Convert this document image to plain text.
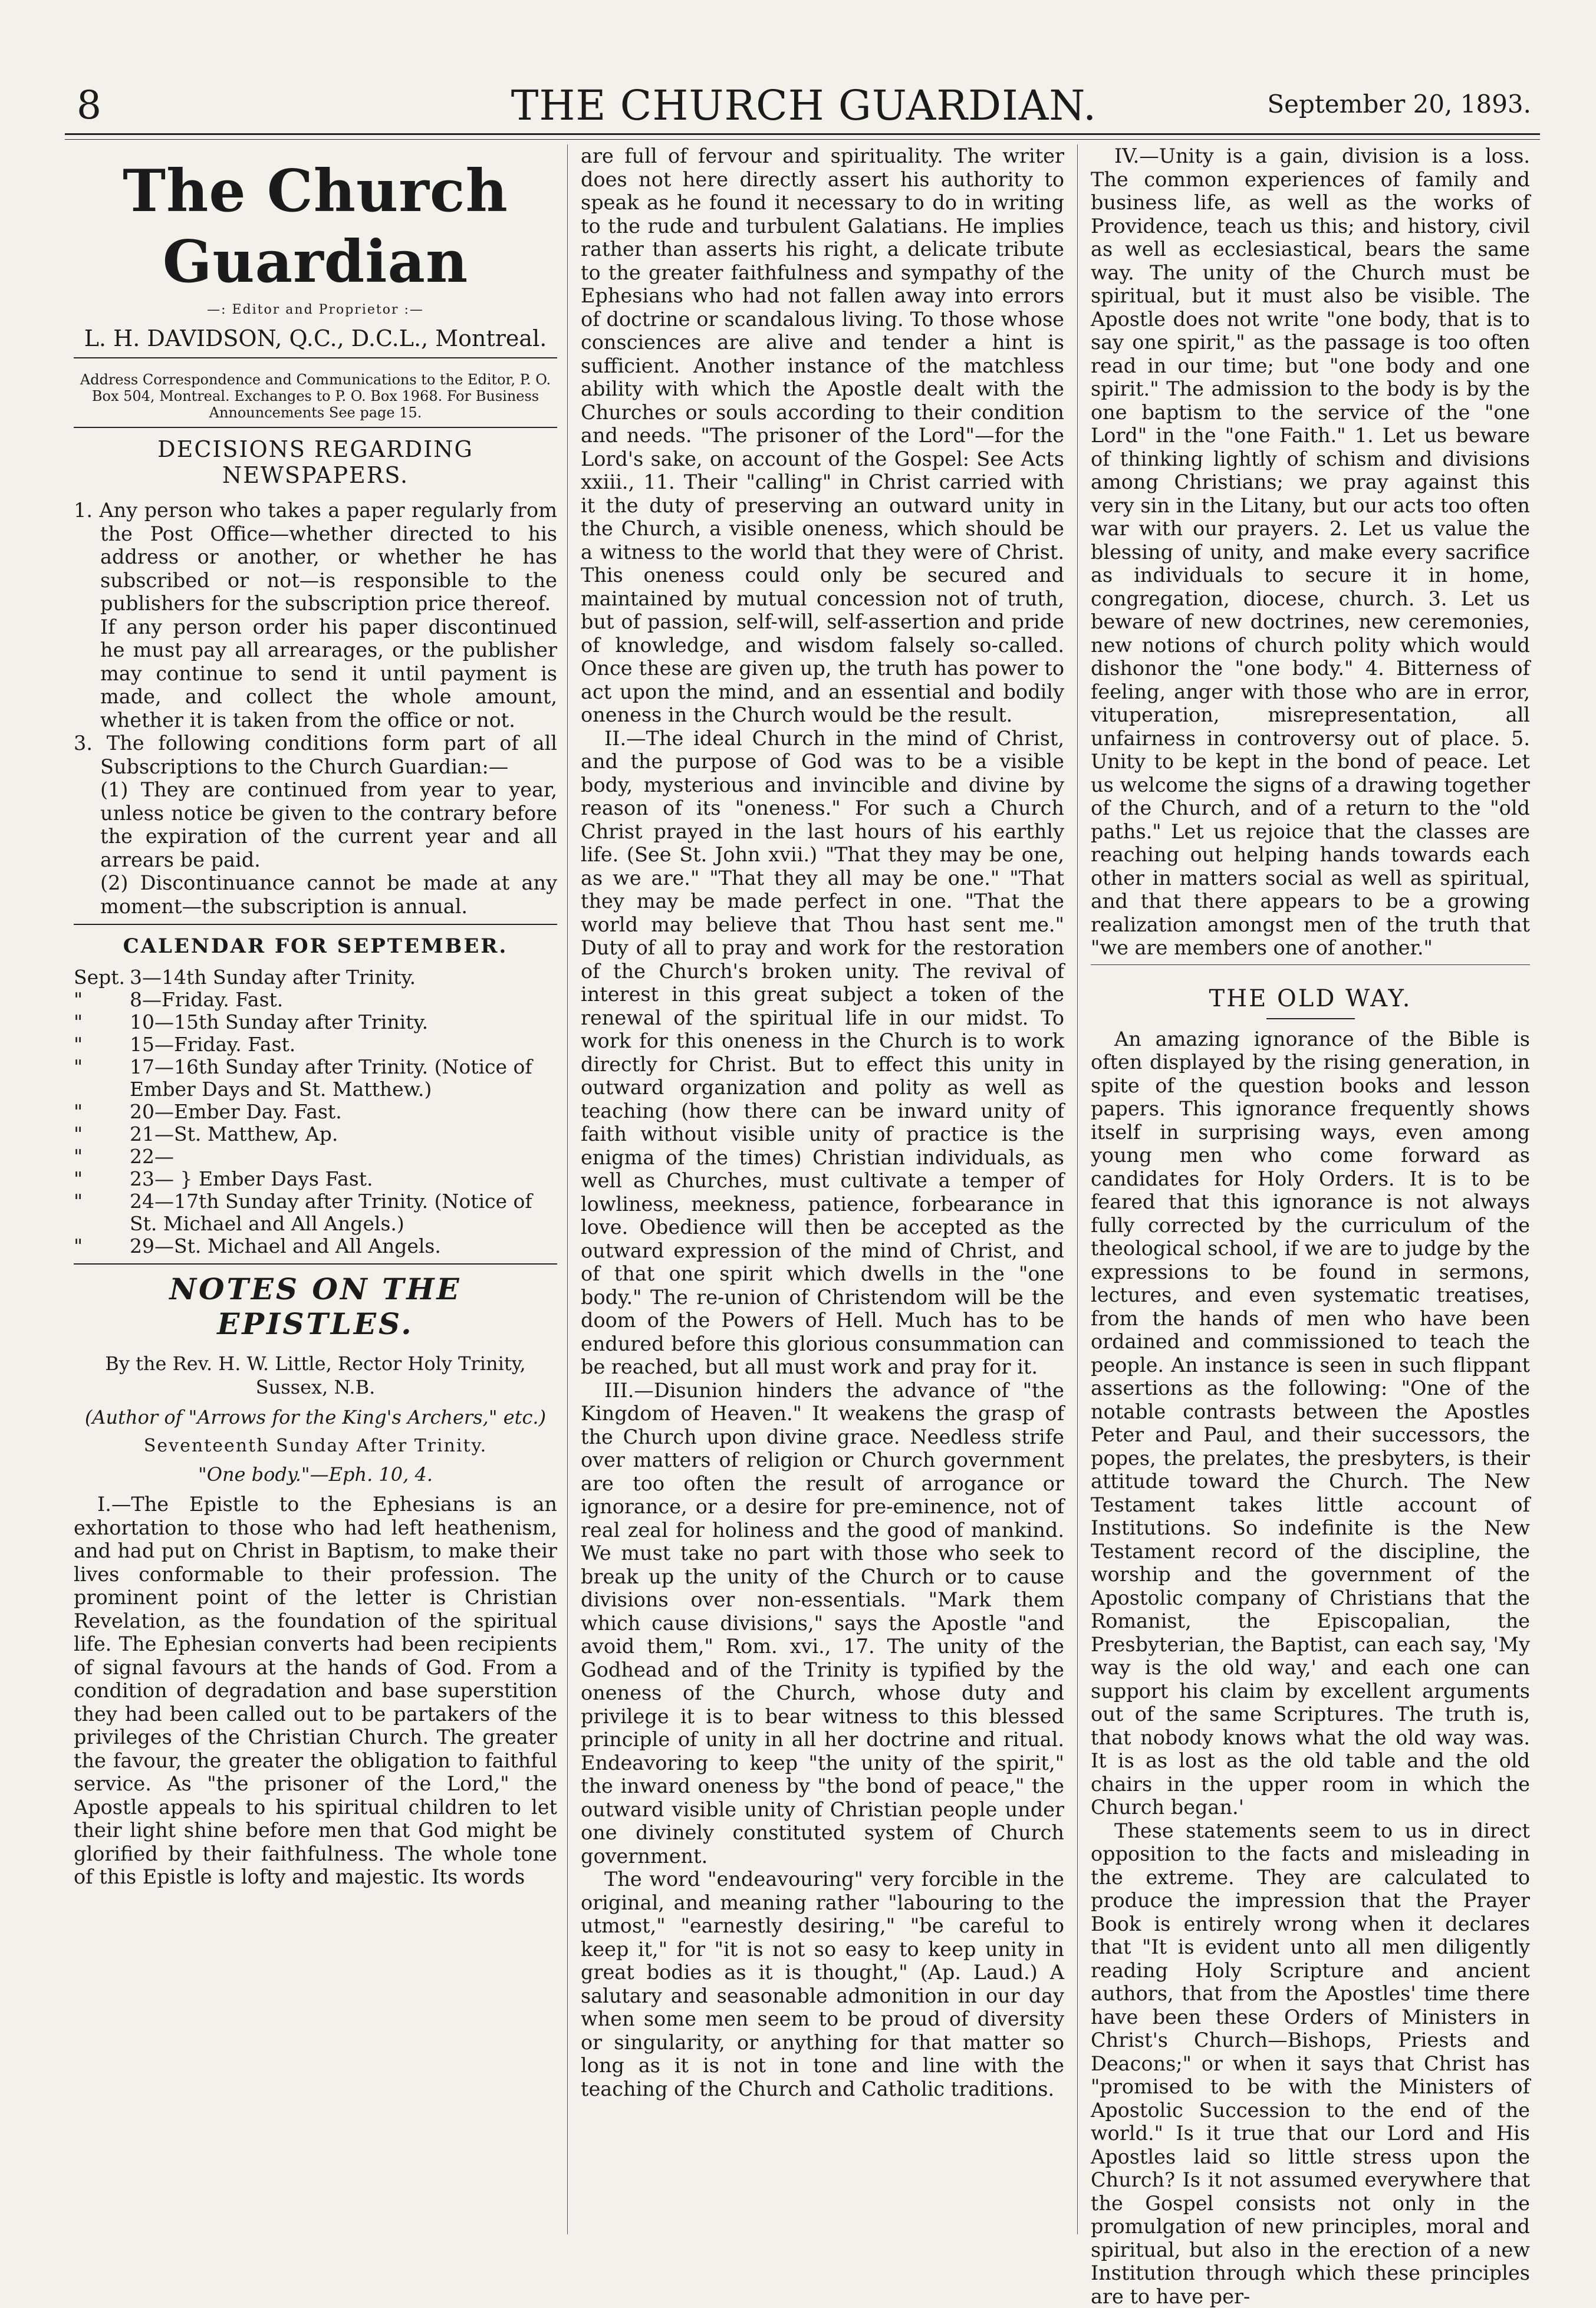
8	THE CHURCH GUARDIAN.	September 20, 1893.
The Church Guardian
—: Editor and Proprietor :—
L. H. DAVIDSON, Q.C., D.C.L., Montreal.
Address Correspondence and Communications to the Editor, P. O. Box 504, Montreal. Exchanges to P. O. Box 1968. For Business Announcements See page 15.
DECISIONS REGARDING NEWSPAPERS.

1. Any person who takes a paper regularly from the Post Office—whether directed to his address or another, or whether he has subscribed or not—is responsible to the publishers for the subscription price thereof.

If any person order his paper discontinued he must pay all arrearages, or the publisher may continue to send it until payment is made, and collect the whole amount, whether it is taken from the office or not.

3. The following conditions form part of all Subscriptions to the Church Guardian:—

(1) They are continued from year to year, unless notice be given to the contrary before the expiration of the current year and all arrears be paid.

(2) Discontinuance cannot be made at any moment—the subscription is annual.

CALENDAR FOR SEPTEMBER.
Sept. 3—14th Sunday after Trinity.
"	8—Friday. Fast.
"	10—15th Sunday after Trinity.
"	15—Friday. Fast.
"	17—16th Sunday after Trinity. (Notice of Ember Days and St. Matthew.)
"	20—Ember Day. Fast.
"	21—St. Matthew, Ap.
"	22—
"	23— } Ember Days Fast.
"	24—17th Sunday after Trinity. (Notice of St. Michael and All Angels.)
"	29—St. Michael and All Angels.
NOTES ON THE EPISTLES.
By the Rev. H. W. Little, Rector Holy Trinity, Sussex, N.B.
(Author of "Arrows for the King's Archers," etc.)
Seventeenth Sunday After Trinity.
"One body."—Eph. 10, 4.

I.—The Epistle to the Ephesians is an exhortation to those who had left heathenism, and had put on Christ in Baptism, to make their lives conformable to their profession. The prominent point of the letter is Christian Revelation, as the foundation of the spiritual life. The Ephesian converts had been recipients of signal favours at the hands of God. From a condition of degradation and base superstition they had been called out to be partakers of the privileges of the Christian Church. The greater the favour, the greater the obligation to faithful service. As "the prisoner of the Lord," the Apostle appeals to his spiritual children to let their light shine before men that God might be glorified by their faithfulness. The whole tone of this Epistle is lofty and majestic. Its words

are full of fervour and spirituality. The writer does not here directly assert his authority to speak as he found it necessary to do in writing to the rude and turbulent Galatians. He implies rather than asserts his right, a delicate tribute to the greater faithfulness and sympathy of the Ephesians who had not fallen away into errors of doctrine or scandalous living. To those whose consciences are alive and tender a hint is sufficient. Another instance of the matchless ability with which the Apostle dealt with the Churches or souls according to their condition and needs. "The prisoner of the Lord"—for the Lord's sake, on account of the Gospel: See Acts xxiii., 11. Their "calling" in Christ carried with it the duty of preserving an outward unity in the Church, a visible oneness, which should be a witness to the world that they were of Christ. This oneness could only be secured and maintained by mutual concession not of truth, but of passion, self-will, self-assertion and pride of knowledge, and wisdom falsely so-called. Once these are given up, the truth has power to act upon the mind, and an essential and bodily oneness in the Church would be the result.

II.—The ideal Church in the mind of Christ, and the purpose of God was to be a visible body, mysterious and invincible and divine by reason of its "oneness." For such a Church Christ prayed in the last hours of his earthly life. (See St. John xvii.) "That they may be one, as we are." "That they all may be one." "That they may be made perfect in one. "That the world may believe that Thou hast sent me." Duty of all to pray and work for the restoration of the Church's broken unity. The revival of interest in this great subject a token of the renewal of the spiritual life in our midst. To work for this oneness in the Church is to work directly for Christ. But to effect this unity in outward organization and polity as well as teaching (how there can be inward unity of faith without visible unity of practice is the enigma of the times) Christian individuals, as well as Churches, must cultivate a temper of lowliness, meekness, patience, forbearance in love. Obedience will then be accepted as the outward expression of the mind of Christ, and of that one spirit which dwells in the "one body." The re-union of Christendom will be the doom of the Powers of Hell. Much has to be endured before this glorious consummation can be reached, but all must work and pray for it.

III.—Disunion hinders the advance of "the Kingdom of Heaven." It weakens the grasp of the Church upon divine grace. Needless strife over matters of religion or Church government are too often the result of arrogance or ignorance, or a desire for pre-eminence, not of real zeal for holiness and the good of mankind. We must take no part with those who seek to break up the unity of the Church or to cause divisions over non-essentials. "Mark them which cause divisions," says the Apostle "and avoid them," Rom. xvi., 17. The unity of the Godhead and of the Trinity is typified by the oneness of the Church, whose duty and privilege it is to bear witness to this blessed principle of unity in all her doctrine and ritual. Endeavoring to keep "the unity of the spirit," the inward oneness by "the bond of peace," the outward visible unity of Christian people under one divinely constituted system of Church government.

The word "endeavouring" very forcible in the original, and meaning rather "labouring to the utmost," "earnestly desiring," "be careful to keep it," for "it is not so easy to keep unity in great bodies as it is thought," (Ap. Laud.) A salutary and seasonable admonition in our day when some men seem to be proud of diversity or singularity, or anything for that matter so long as it is not in tone and line with the teaching of the Church and Catholic traditions.

IV.—Unity is a gain, division is a loss. The common experiences of family and business life, as well as the works of Providence, teach us this; and history, civil as well as ecclesiastical, bears the same way. The unity of the Church must be spiritual, but it must also be visible. The Apostle does not write "one body, that is to say one spirit," as the passage is too often read in our time; but "one body and one spirit." The admission to the body is by the one baptism to the service of the "one Lord" in the "one Faith." 1. Let us beware of thinking lightly of schism and divisions among Christians; we pray against this very sin in the Litany, but our acts too often war with our prayers. 2. Let us value the blessing of unity, and make every sacrifice as individuals to secure it in home, congregation, diocese, church. 3. Let us beware of new doctrines, new ceremonies, new notions of church polity which would dishonor the "one body." 4. Bitterness of feeling, anger with those who are in error, vituperation, misrepresentation, all unfairness in controversy out of place. 5. Unity to be kept in the bond of peace. Let us welcome the signs of a drawing together of the Church, and of a return to the "old paths." Let us rejoice that the classes are reaching out helping hands towards each other in matters social as well as spiritual, and that there appears to be a growing realization amongst men of the truth that "we are members one of another."

THE OLD WAY.

An amazing ignorance of the Bible is often displayed by the rising generation, in spite of the question books and lesson papers. This ignorance frequently shows itself in surprising ways, even among young men who come forward as candidates for Holy Orders. It is to be feared that this ignorance is not always fully corrected by the curriculum of the theological school, if we are to judge by the expressions to be found in sermons, lectures, and even systematic treatises, from the hands of men who have been ordained and commissioned to teach the people. An instance is seen in such flippant assertions as the following: "One of the notable contrasts between the Apostles Peter and Paul, and their successors, the popes, the prelates, the presbyters, is their attitude toward the Church. The New Testament takes little account of Institutions. So indefinite is the New Testament record of the discipline, the worship and the government of the Apostolic company of Christians that the Romanist, the Episcopalian, the Presbyterian, the Baptist, can each say, 'My way is the old way,' and each one can support his claim by excellent arguments out of the same Scriptures. The truth is, that nobody knows what the old way was. It is as lost as the old table and the old chairs in the upper room in which the Church began.'

These statements seem to us in direct opposition to the facts and misleading in the extreme. They are calculated to produce the impression that the Prayer Book is entirely wrong when it declares that "It is evident unto all men diligently reading Holy Scripture and ancient authors, that from the Apostles' time there have been these Orders of Ministers in Christ's Church—Bishops, Priests and Deacons;" or when it says that Christ has "promised to be with the Ministers of Apostolic Succession to the end of the world." Is it true that our Lord and His Apostles laid so little stress upon the Church? Is it not assumed everywhere that the Gospel consists not only in the promulgation of new principles, moral and spiritual, but also in the erection of a new Institution through which these principles are to have per-
